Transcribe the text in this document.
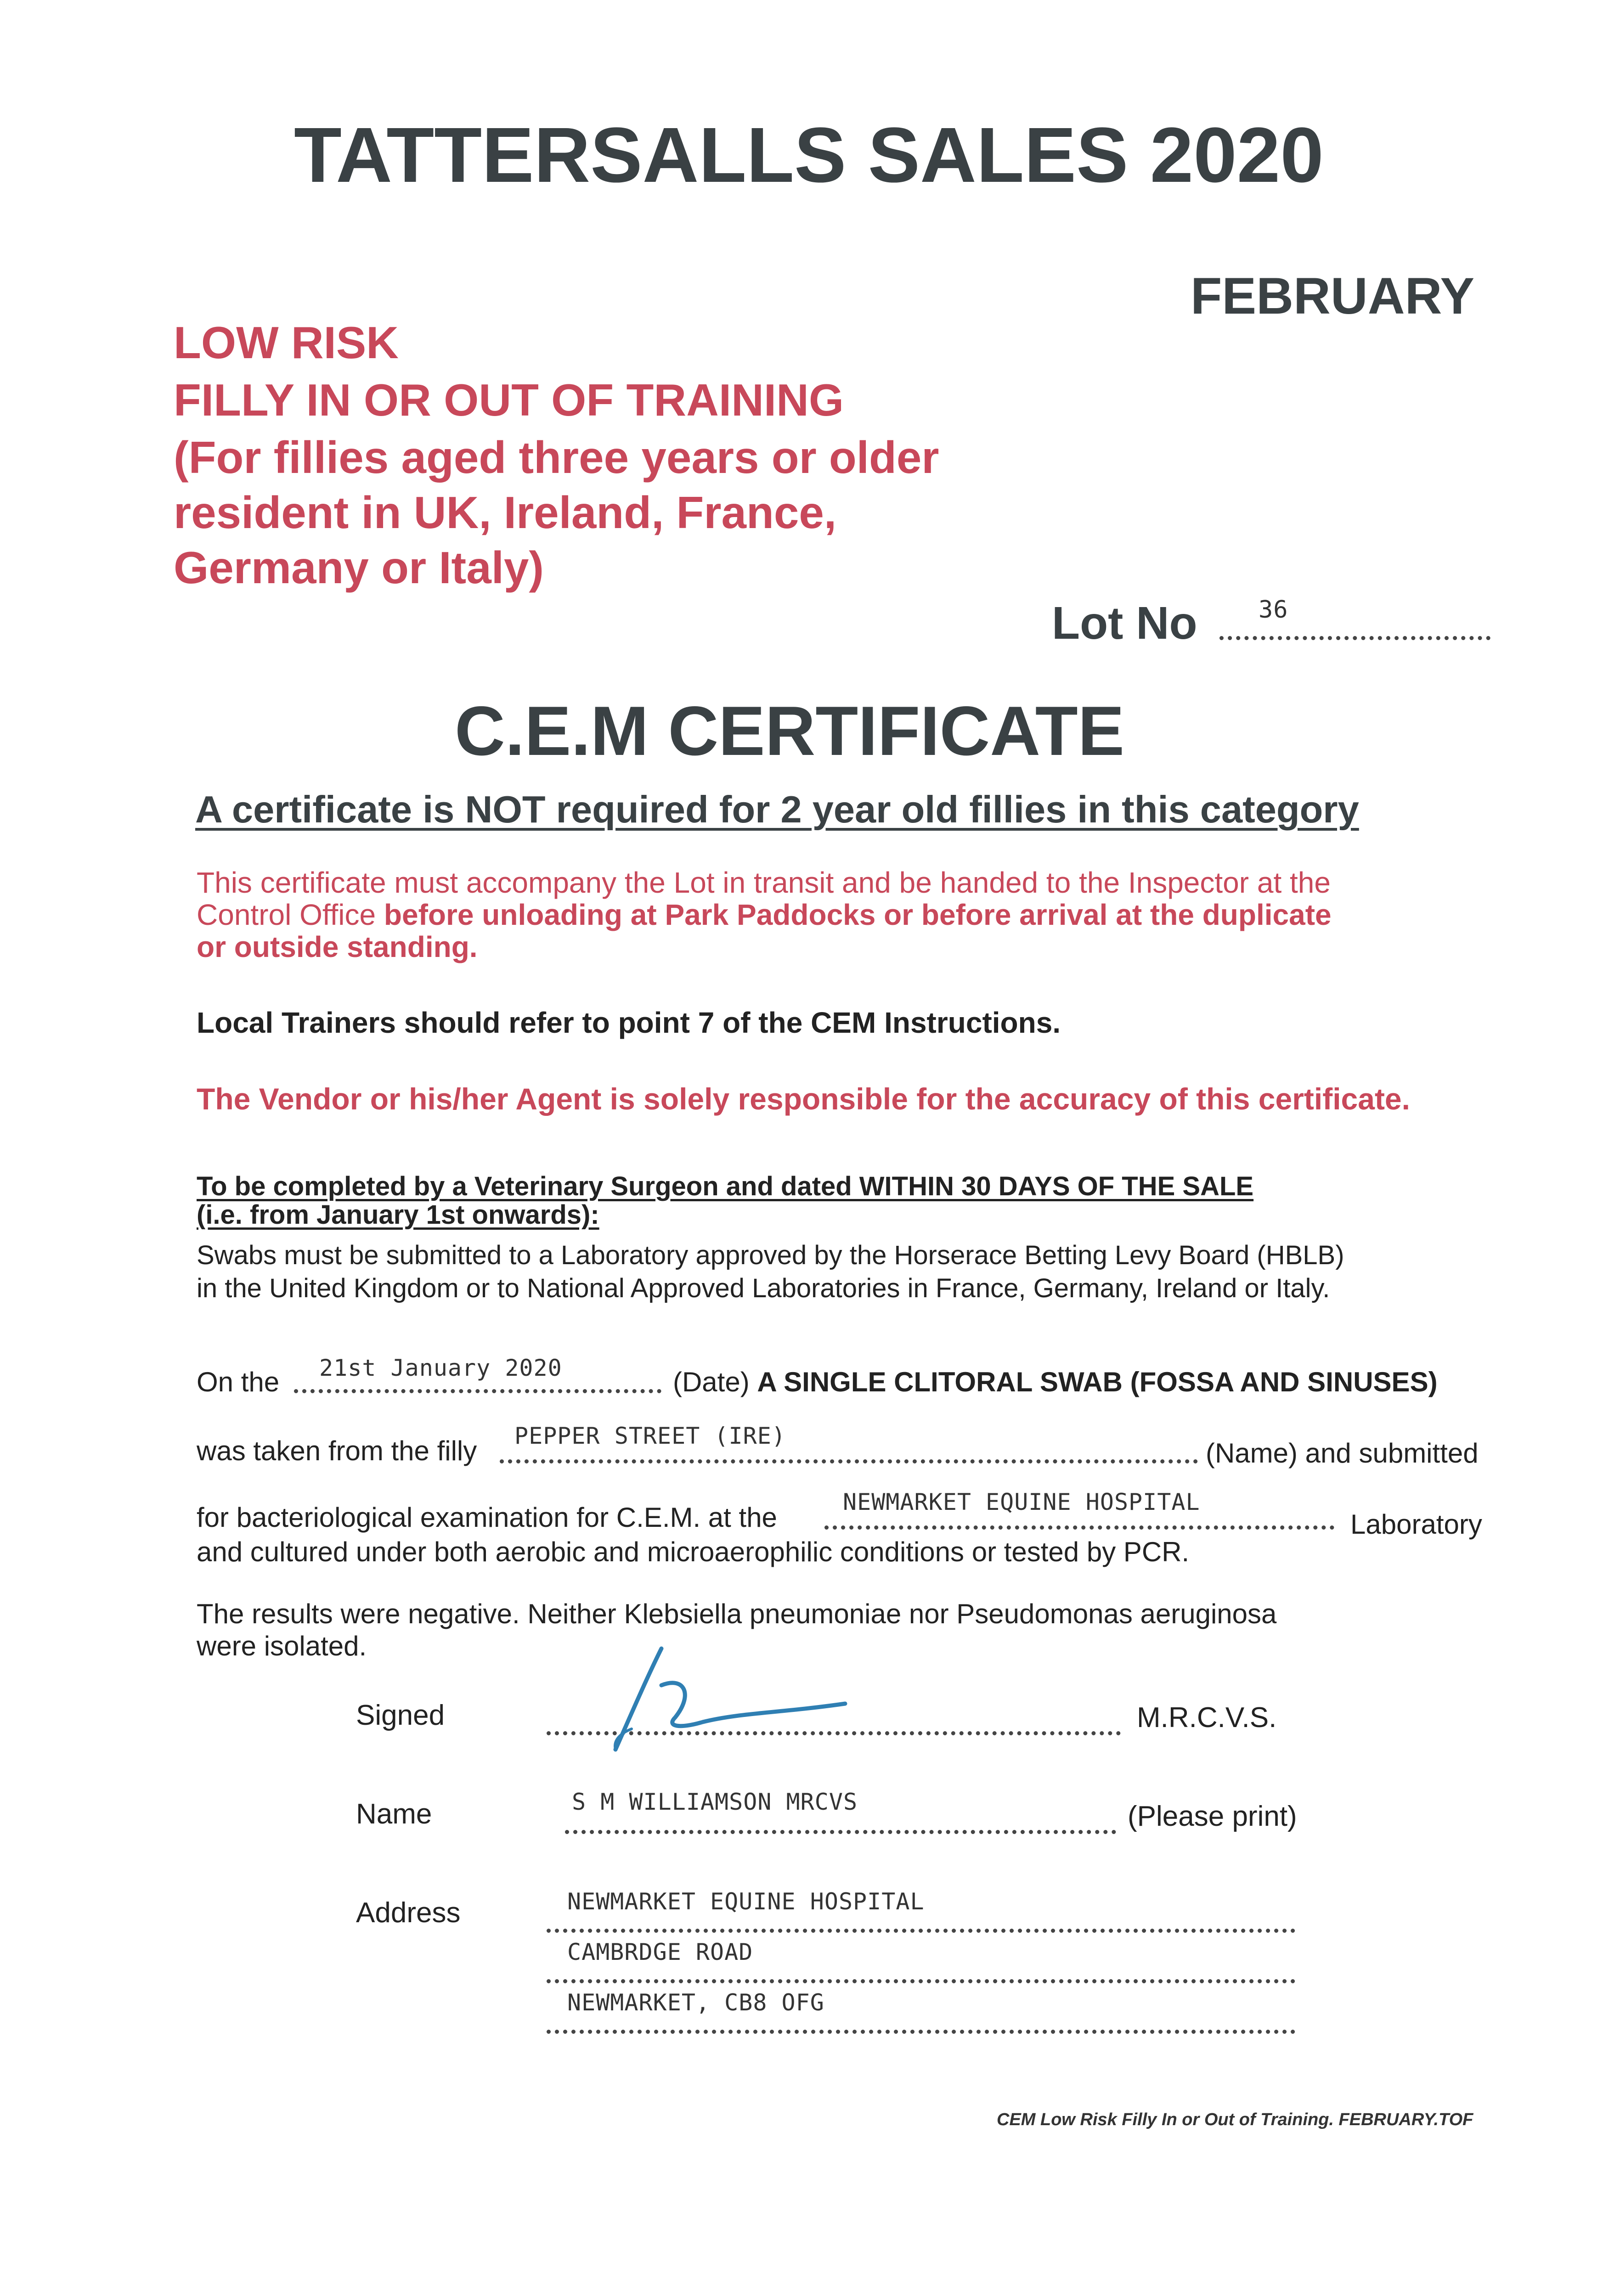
TATTERSALLS SALES 2020
FEBRUARY
LOW RISK
FILLY IN OR OUT OF TRAINING
(For fillies aged three years or older
resident in UK, Ireland, France,
Germany or Italy)
Lot No	36
C.E.M CERTIFICATE
A certificate is NOT required for 2 year old fillies in this category
This certificate must accompany the Lot in transit and be handed to the Inspector at the
Control Office before unloading at Park Paddocks or before arrival at the duplicate
or outside standing.
Local Trainers should refer to point 7 of the CEM Instructions.
The Vendor or his/her Agent is solely responsible for the accuracy of this certificate.
To be completed by a Veterinary Surgeon and dated WITHIN 30 DAYS OF THE SALE
(i.e. from January 1st onwards):
Swabs must be submitted to a Laboratory approved by the Horserace Betting Levy Board (HBLB)
in the United Kingdom or to National Approved Laboratories in France, Germany, Ireland or Italy.
On the 21st January 2020	(Date) A SINGLE CLITORAL SWAB (FOSSA AND SINUSES)
was taken from the filly PEPPER STREET (IRE)
(Name) and submitted
for bacteriological examination for C.E.M. at the	NEWMARKET EQUINE HOSPITAL
Laboratory
and cultured under both aerobic and microaerophilic conditions or tested by PCR.
The results were negative. Neither Klebsiella pneumoniae nor Pseudomonas aeruginosa
were isolated.
Signed	M.R.C.V.S.
Name	S M WILLIAMSON MRCVS	(Please print)
Address	NEWMARKET EQUINE HOSPITAL
CAMBRDGE ROAD
NEWMARKET, CB8 OFG
CEM Low Risk Filly In or Out of Training. FEBRUARY.TOF
